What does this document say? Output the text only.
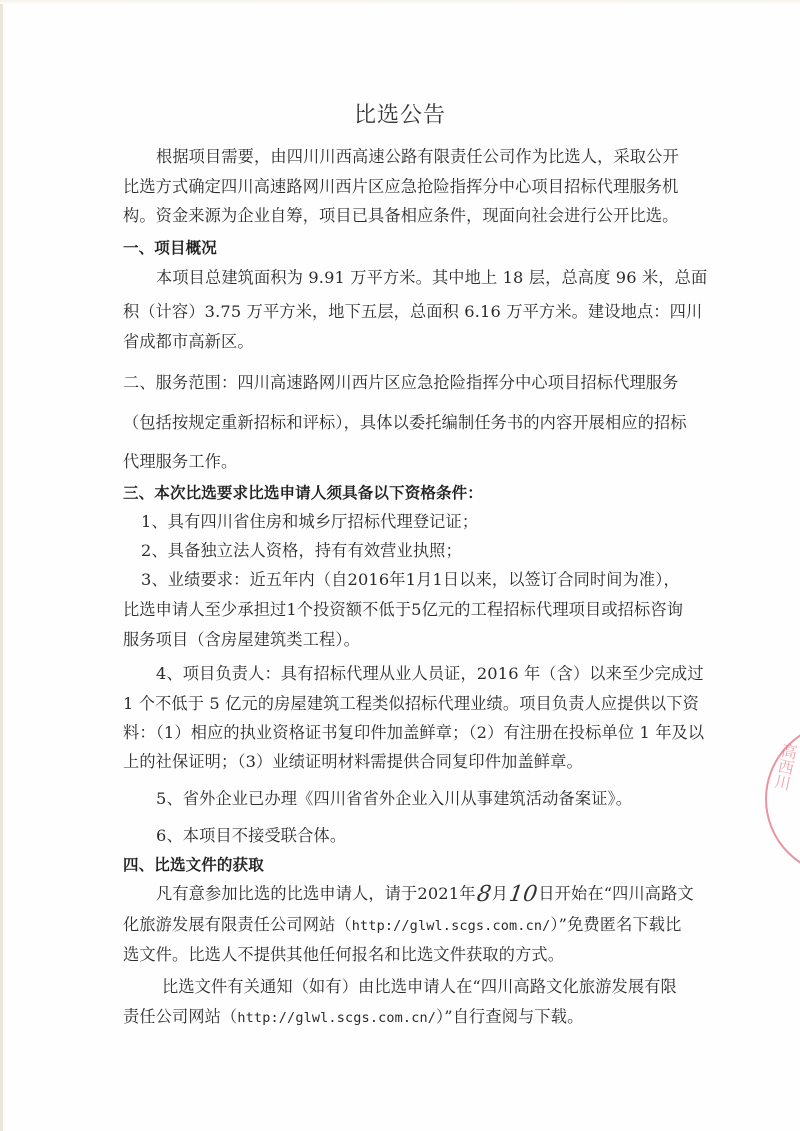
比选公告
根据项目需要，由四川川西高速公路有限责任公司作为比选人，采取公开
比选方式确定四川高速路网川西片区应急抢险指挥分中心项目招标代理服务机
构。资金来源为企业自筹，项目已具备相应条件，现面向社会进行公开比选。
一、项目概况
本项目总建筑面积为 9.91 万平方米。其中地上 18 层，总高度 96 米，总面
积（计容）3.75 万平方米，地下五层，总面积 6.16 万平方米。建设地点：四川
省成都市高新区。
二、服务范围：四川高速路网川西片区应急抢险指挥分中心项目招标代理服务
（包括按规定重新招标和评标），具体以委托编制任务书的内容开展相应的招标
代理服务工作。
三、本次比选要求比选申请人须具备以下资格条件：
1、具有四川省住房和城乡厅招标代理登记证；
2、具备独立法人资格，持有有效营业执照；
3、业绩要求：近五年内（自2016年1月1日以来，以签订合同时间为准），
比选申请人至少承担过1个投资额不低于5亿元的工程招标代理项目或招标咨询
服务项目（含房屋建筑类工程）。
4、项目负责人：具有招标代理从业人员证，2016 年（含）以来至少完成过
1 个不低于 5 亿元的房屋建筑工程类似招标代理业绩。项目负责人应提供以下资
料：（1）相应的执业资格证书复印件加盖鲜章；（2）有注册在投标单位 1 年及以
上的社保证明；（3）业绩证明材料需提供合同复印件加盖鲜章。
5、省外企业已办理《四川省省外企业入川从事建筑活动备案证》。
6、本项目不接受联合体。
四、比选文件的获取
凡有意参加比选的比选申请人，请于2021年8月10日开始在“四川高路文
化旅游发展有限责任公司网站（http://glwl.scgs.com.cn/）”免费匿名下载比
选文件。比选人不提供其他任何报名和比选文件获取的方式。
比选文件有关通知（如有）由比选申请人在“四川高路文化旅游发展有限
责任公司网站（http://glwl.scgs.com.cn/）”自行查阅与下载。
高西川
